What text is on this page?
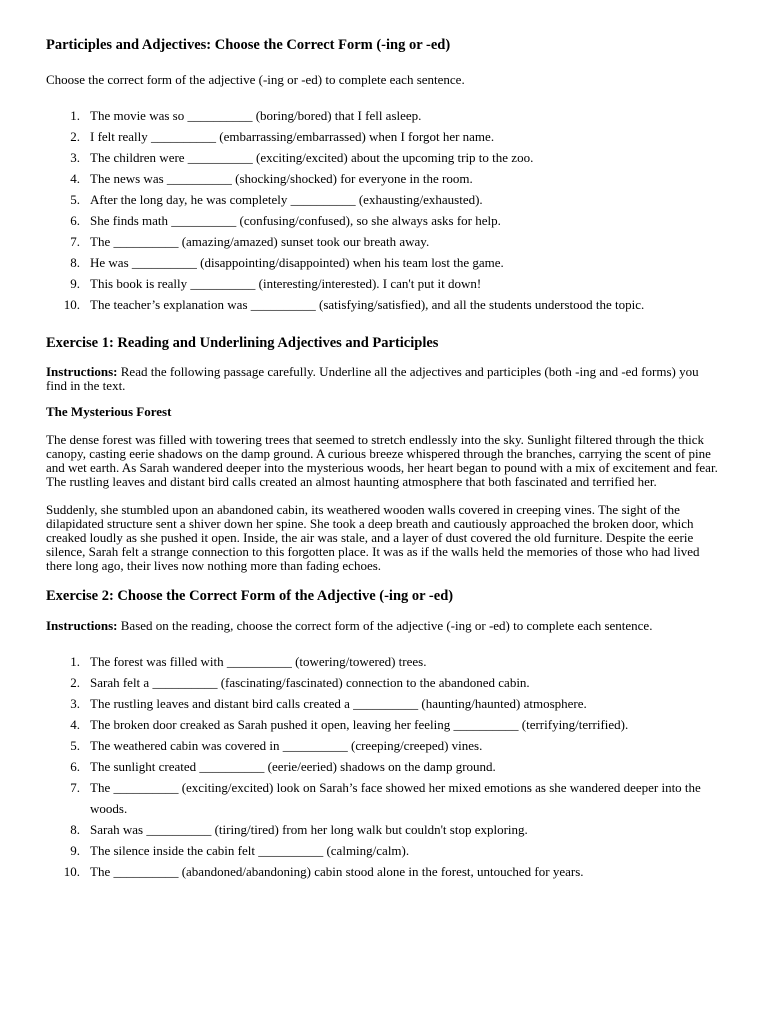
Participles and Adjectives: Choose the Correct Form (-ing or -ed)

Choose the correct form of the adjective (-ing or -ed) to complete each sentence.

1. The movie was so __________ (boring/bored) that I fell asleep.
2. I felt really __________ (embarrassing/embarrassed) when I forgot her name.
3. The children were __________ (exciting/excited) about the upcoming trip to the zoo.
4. The news was __________ (shocking/shocked) for everyone in the room.
5. After the long day, he was completely __________ (exhausting/exhausted).
6. She finds math __________ (confusing/confused), so she always asks for help.
7. The __________ (amazing/amazed) sunset took our breath away.
8. He was __________ (disappointing/disappointed) when his team lost the game.
9. This book is really __________ (interesting/interested). I can't put it down!
10. The teacher’s explanation was __________ (satisfying/satisfied), and all the students understood the topic.
Exercise 1: Reading and Underlining Adjectives and Participles

Instructions: Read the following passage carefully. Underline all the adjectives and participles (both -ing and -ed forms) you find in the text.

The Mysterious Forest

The dense forest was filled with towering trees that seemed to stretch endlessly into the sky. Sunlight filtered through the thick canopy, casting eerie shadows on the damp ground. A curious breeze whispered through the branches, carrying the scent of pine and wet earth. As Sarah wandered deeper into the mysterious woods, her heart began to pound with a mix of excitement and fear. The rustling leaves and distant bird calls created an almost haunting atmosphere that both fascinated and terrified her.

Suddenly, she stumbled upon an abandoned cabin, its weathered wooden walls covered in creeping vines. The sight of the dilapidated structure sent a shiver down her spine. She took a deep breath and cautiously approached the broken door, which creaked loudly as she pushed it open. Inside, the air was stale, and a layer of dust covered the old furniture. Despite the eerie silence, Sarah felt a strange connection to this forgotten place. It was as if the walls held the memories of those who had lived there long ago, their lives now nothing more than fading echoes.

Exercise 2: Choose the Correct Form of the Adjective (-ing or -ed)

Instructions: Based on the reading, choose the correct form of the adjective (-ing or -ed) to complete each sentence.

1. The forest was filled with __________ (towering/towered) trees.
2. Sarah felt a __________ (fascinating/fascinated) connection to the abandoned cabin.
3. The rustling leaves and distant bird calls created a __________ (haunting/haunted) atmosphere.
4. The broken door creaked as Sarah pushed it open, leaving her feeling __________ (terrifying/terrified).
5. The weathered cabin was covered in __________ (creeping/creeped) vines.
6. The sunlight created __________ (eerie/eeried) shadows on the damp ground.
7. The __________ (exciting/excited) look on Sarah’s face showed her mixed emotions as she wandered deeper into the woods.
8. Sarah was __________ (tiring/tired) from her long walk but couldn't stop exploring.
9. The silence inside the cabin felt __________ (calming/calm).
10. The __________ (abandoned/abandoning) cabin stood alone in the forest, untouched for years.
